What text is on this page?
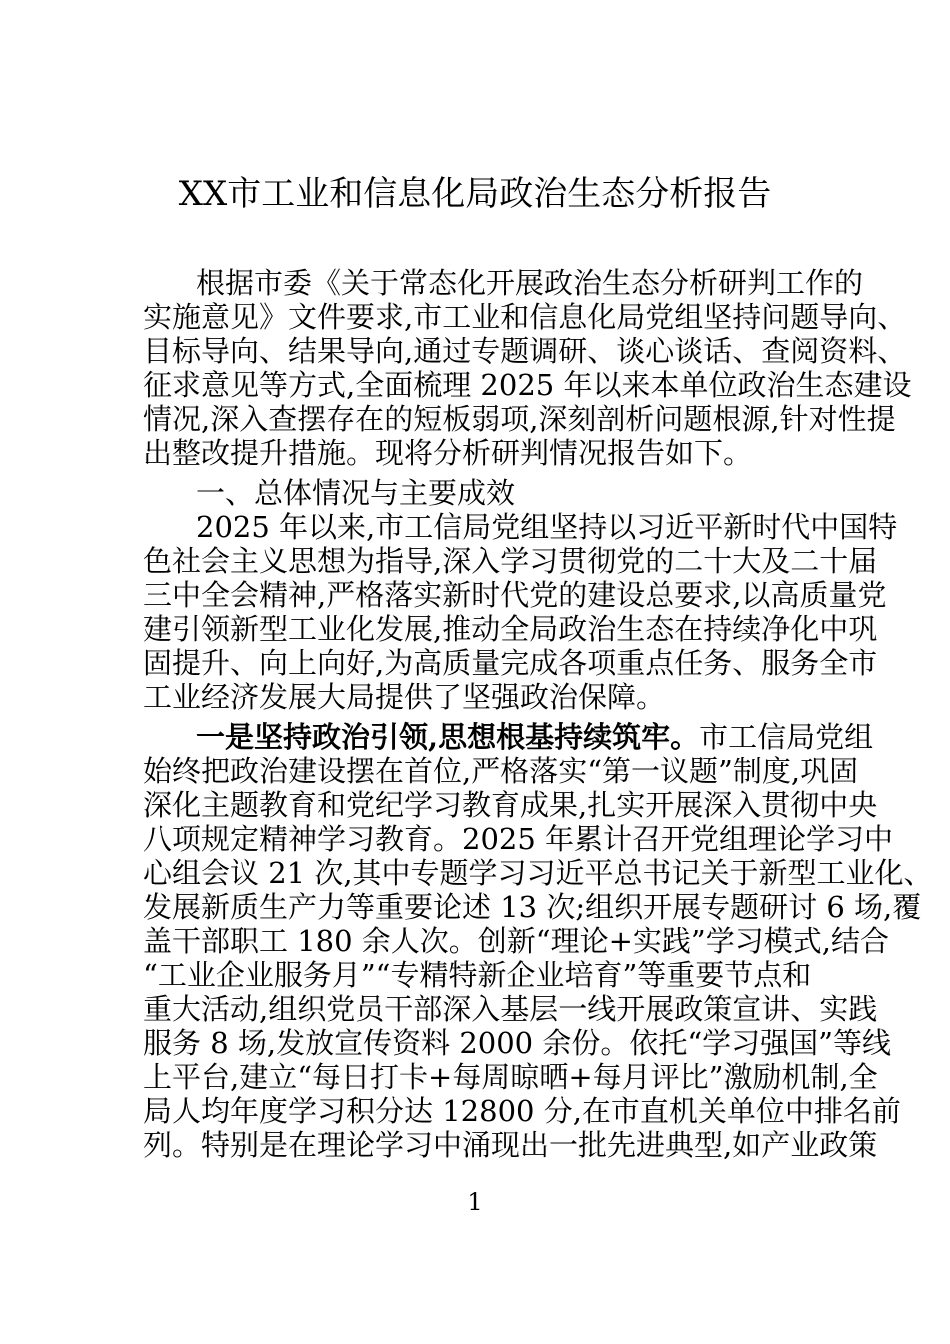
XX市工业和信息化局政治生态分析报告
根据市委《关于常态化开展政治生态分析研判工作的
实施意见》文件要求,市工业和信息化局党组坚持问题导向、
目标导向、结果导向,通过专题调研、谈心谈话、查阅资料、
征求意见等方式,全面梳理 2025 年以来本单位政治生态建设
情况,深入查摆存在的短板弱项,深刻剖析问题根源,针对性提
出整改提升措施。现将分析研判情况报告如下。
一、总体情况与主要成效
2025 年以来,市工信局党组坚持以习近平新时代中国特
色社会主义思想为指导,深入学习贯彻党的二十大及二十届
三中全会精神,严格落实新时代党的建设总要求,以高质量党
建引领新型工业化发展,推动全局政治生态在持续净化中巩
固提升、向上向好,为高质量完成各项重点任务、服务全市
工业经济发展大局提供了坚强政治保障。
一是坚持政治引领,思想根基持续筑牢。市工信局党组
始终把政治建设摆在首位,严格落实“第一议题”制度,巩固
深化主题教育和党纪学习教育成果,扎实开展深入贯彻中央
八项规定精神学习教育。2025 年累计召开党组理论学习中
心组会议 21 次,其中专题学习习近平总书记关于新型工业化、
发展新质生产力等重要论述 13 次;组织开展专题研讨 6 场,覆
盖干部职工 180 余人次。创新“理论+实践”学习模式,结合
“工业企业服务月”“专精特新企业培育”等重要节点和
重大活动,组织党员干部深入基层一线开展政策宣讲、实践
服务 8 场,发放宣传资料 2000 余份。依托“学习强国”等线
上平台,建立“每日打卡+每周晾晒+每月评比”激励机制,全
局人均年度学习积分达 12800 分,在市直机关单位中排名前
列。特别是在理论学习中涌现出一批先进典型,如产业政策
1
